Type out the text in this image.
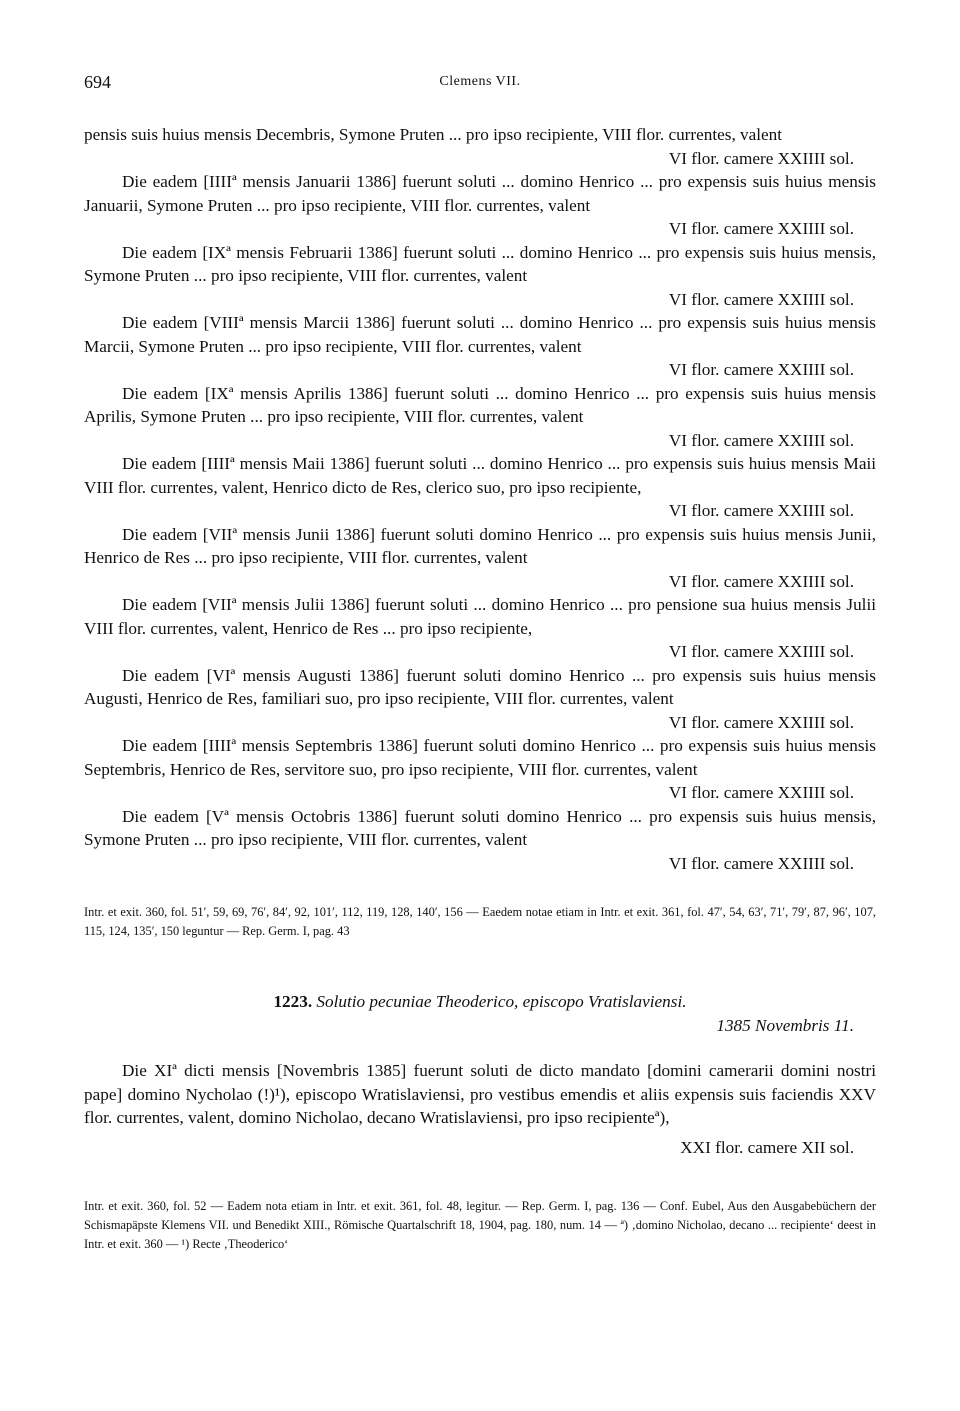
694	Clemens VII.

pensis suis huius mensis Decembris, Symone Pruten ... pro ipso recipiente, VIII flor. currentes, valent

VI flor. camere XXIIII sol.

Die eadem [IIIIª mensis Januarii 1386] fuerunt soluti ... domino Henrico ... pro expensis suis huius mensis Januarii, Symone Pruten ... pro ipso recipiente, VIII flor. currentes, valent

VI flor. camere XXIIII sol.

Die eadem [IXª mensis Februarii 1386] fuerunt soluti ... domino Henrico ... pro expensis suis huius mensis, Symone Pruten ... pro ipso recipiente, VIII flor. currentes, valent

VI flor. camere XXIIII sol.

Die eadem [VIIIª mensis Marcii 1386] fuerunt soluti ... domino Henrico ... pro expensis suis huius mensis Marcii, Symone Pruten ... pro ipso recipiente, VIII flor. currentes, valent

VI flor. camere XXIIII sol.

Die eadem [IXª mensis Aprilis 1386] fuerunt soluti ... domino Henrico ... pro expensis suis huius mensis Aprilis, Symone Pruten ... pro ipso recipiente, VIII flor. currentes, valent

VI flor. camere XXIIII sol.

Die eadem [IIIIª mensis Maii 1386] fuerunt soluti ... domino Henrico ... pro expensis suis huius mensis Maii VIII flor. currentes, valent, Henrico dicto de Res, clerico suo, pro ipso recipiente,

VI flor. camere XXIIII sol.

Die eadem [VIIª mensis Junii 1386] fuerunt soluti domino Henrico ... pro expensis suis huius mensis Junii, Henrico de Res ... pro ipso recipiente, VIII flor. currentes, valent

VI flor. camere XXIIII sol.

Die eadem [VIIª mensis Julii 1386] fuerunt soluti ... domino Henrico ... pro pensione sua huius mensis Julii VIII flor. currentes, valent, Henrico de Res ... pro ipso recipiente,

VI flor. camere XXIIII sol.

Die eadem [VIª mensis Augusti 1386] fuerunt soluti domino Henrico ... pro expensis suis huius mensis Augusti, Henrico de Res, familiari suo, pro ipso recipiente, VIII flor. currentes, valent

VI flor. camere XXIIII sol.

Die eadem [IIIIª mensis Septembris 1386] fuerunt soluti domino Henrico ... pro expensis suis huius mensis Septembris, Henrico de Res, servitore suo, pro ipso recipiente, VIII flor. currentes, valent

VI flor. camere XXIIII sol.

Die eadem [Vª mensis Octobris 1386] fuerunt soluti domino Henrico ... pro expensis suis huius mensis, Symone Pruten ... pro ipso recipiente, VIII flor. currentes, valent

VI flor. camere XXIIII sol.

Intr. et exit. 360, fol. 51′, 59, 69, 76′, 84′, 92, 101′, 112, 119, 128, 140′, 156 — Eaedem notae etiam in Intr. et exit. 361, fol. 47′, 54, 63′, 71′, 79′, 87, 96′, 107, 115, 124, 135′, 150 leguntur — Rep. Germ. I, pag. 43
1223. Solutio pecuniae Theoderico, episcopo Vratislaviensi.
1385 Novembris 11.

Die XIª dicti mensis [Novembris 1385] fuerunt soluti de dicto mandato [domini camerarii domini nostri pape] domino Nycholao (!)¹), episcopo Wratislaviensi, pro vestibus emendis et aliis expensis suis faciendis XXV flor. currentes, valent, domino Nicholao, decano Wratislaviensi, pro ipso recipienteª),

XXI flor. camere XII sol.

Intr. et exit. 360, fol. 52 — Eadem nota etiam in Intr. et exit. 361, fol. 48, legitur. — Rep. Germ. I, pag. 136 — Conf. Eubel, Aus den Ausgabebüchern der Schismapäpste Klemens VII. und Benedikt XIII., Römische Quartalschrift 18, 1904, pag. 180, num. 14 — ª) ‚domino Nicholao, decano ... recipiente‘ deest in Intr. et exit. 360 — ¹) Recte ‚Theoderico‘
